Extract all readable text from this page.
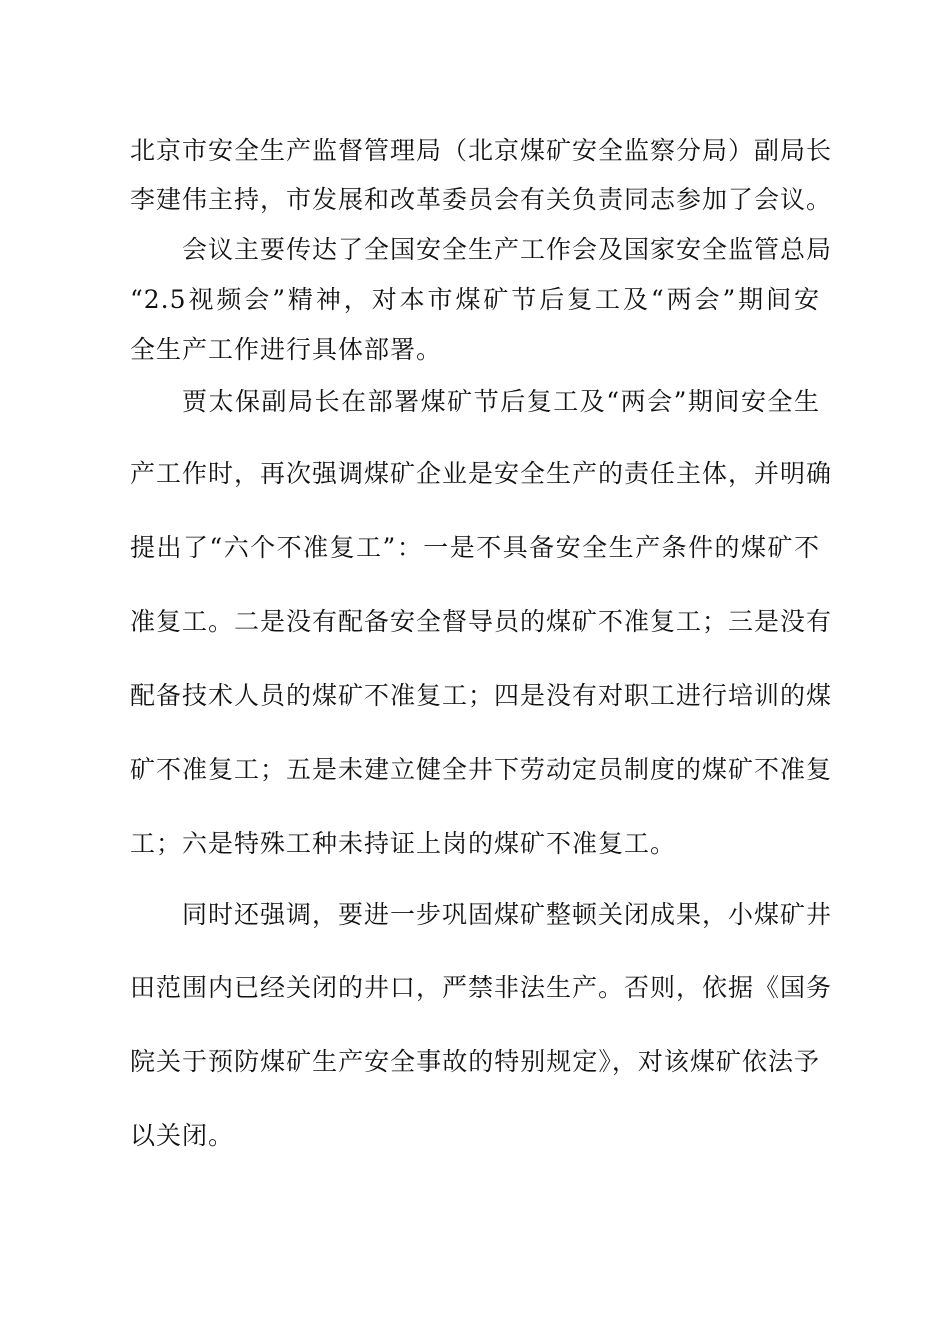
北京市安全生产监督管理局（北京煤矿安全监察分局）副局长
李建伟主持，市发展和改革委员会有关负责同志参加了会议。
会议主要传达了全国安全生产工作会及国家安全监管总局
“2.5视频会”精神，对本市煤矿节后复工及“两会”期间安
全生产工作进行具体部署。
贾太保副局长在部署煤矿节后复工及“两会”期间安全生
产工作时，再次强调煤矿企业是安全生产的责任主体，并明确
提出了“六个不准复工”：一是不具备安全生产条件的煤矿不
准复工。二是没有配备安全督导员的煤矿不准复工；三是没有
配备技术人员的煤矿不准复工；四是没有对职工进行培训的煤
矿不准复工；五是未建立健全井下劳动定员制度的煤矿不准复
工；六是特殊工种未持证上岗的煤矿不准复工。
同时还强调，要进一步巩固煤矿整顿关闭成果，小煤矿井
田范围内已经关闭的井口，严禁非法生产。否则，依据《国务
院关于预防煤矿生产安全事故的特别规定》，对该煤矿依法予
以关闭。
